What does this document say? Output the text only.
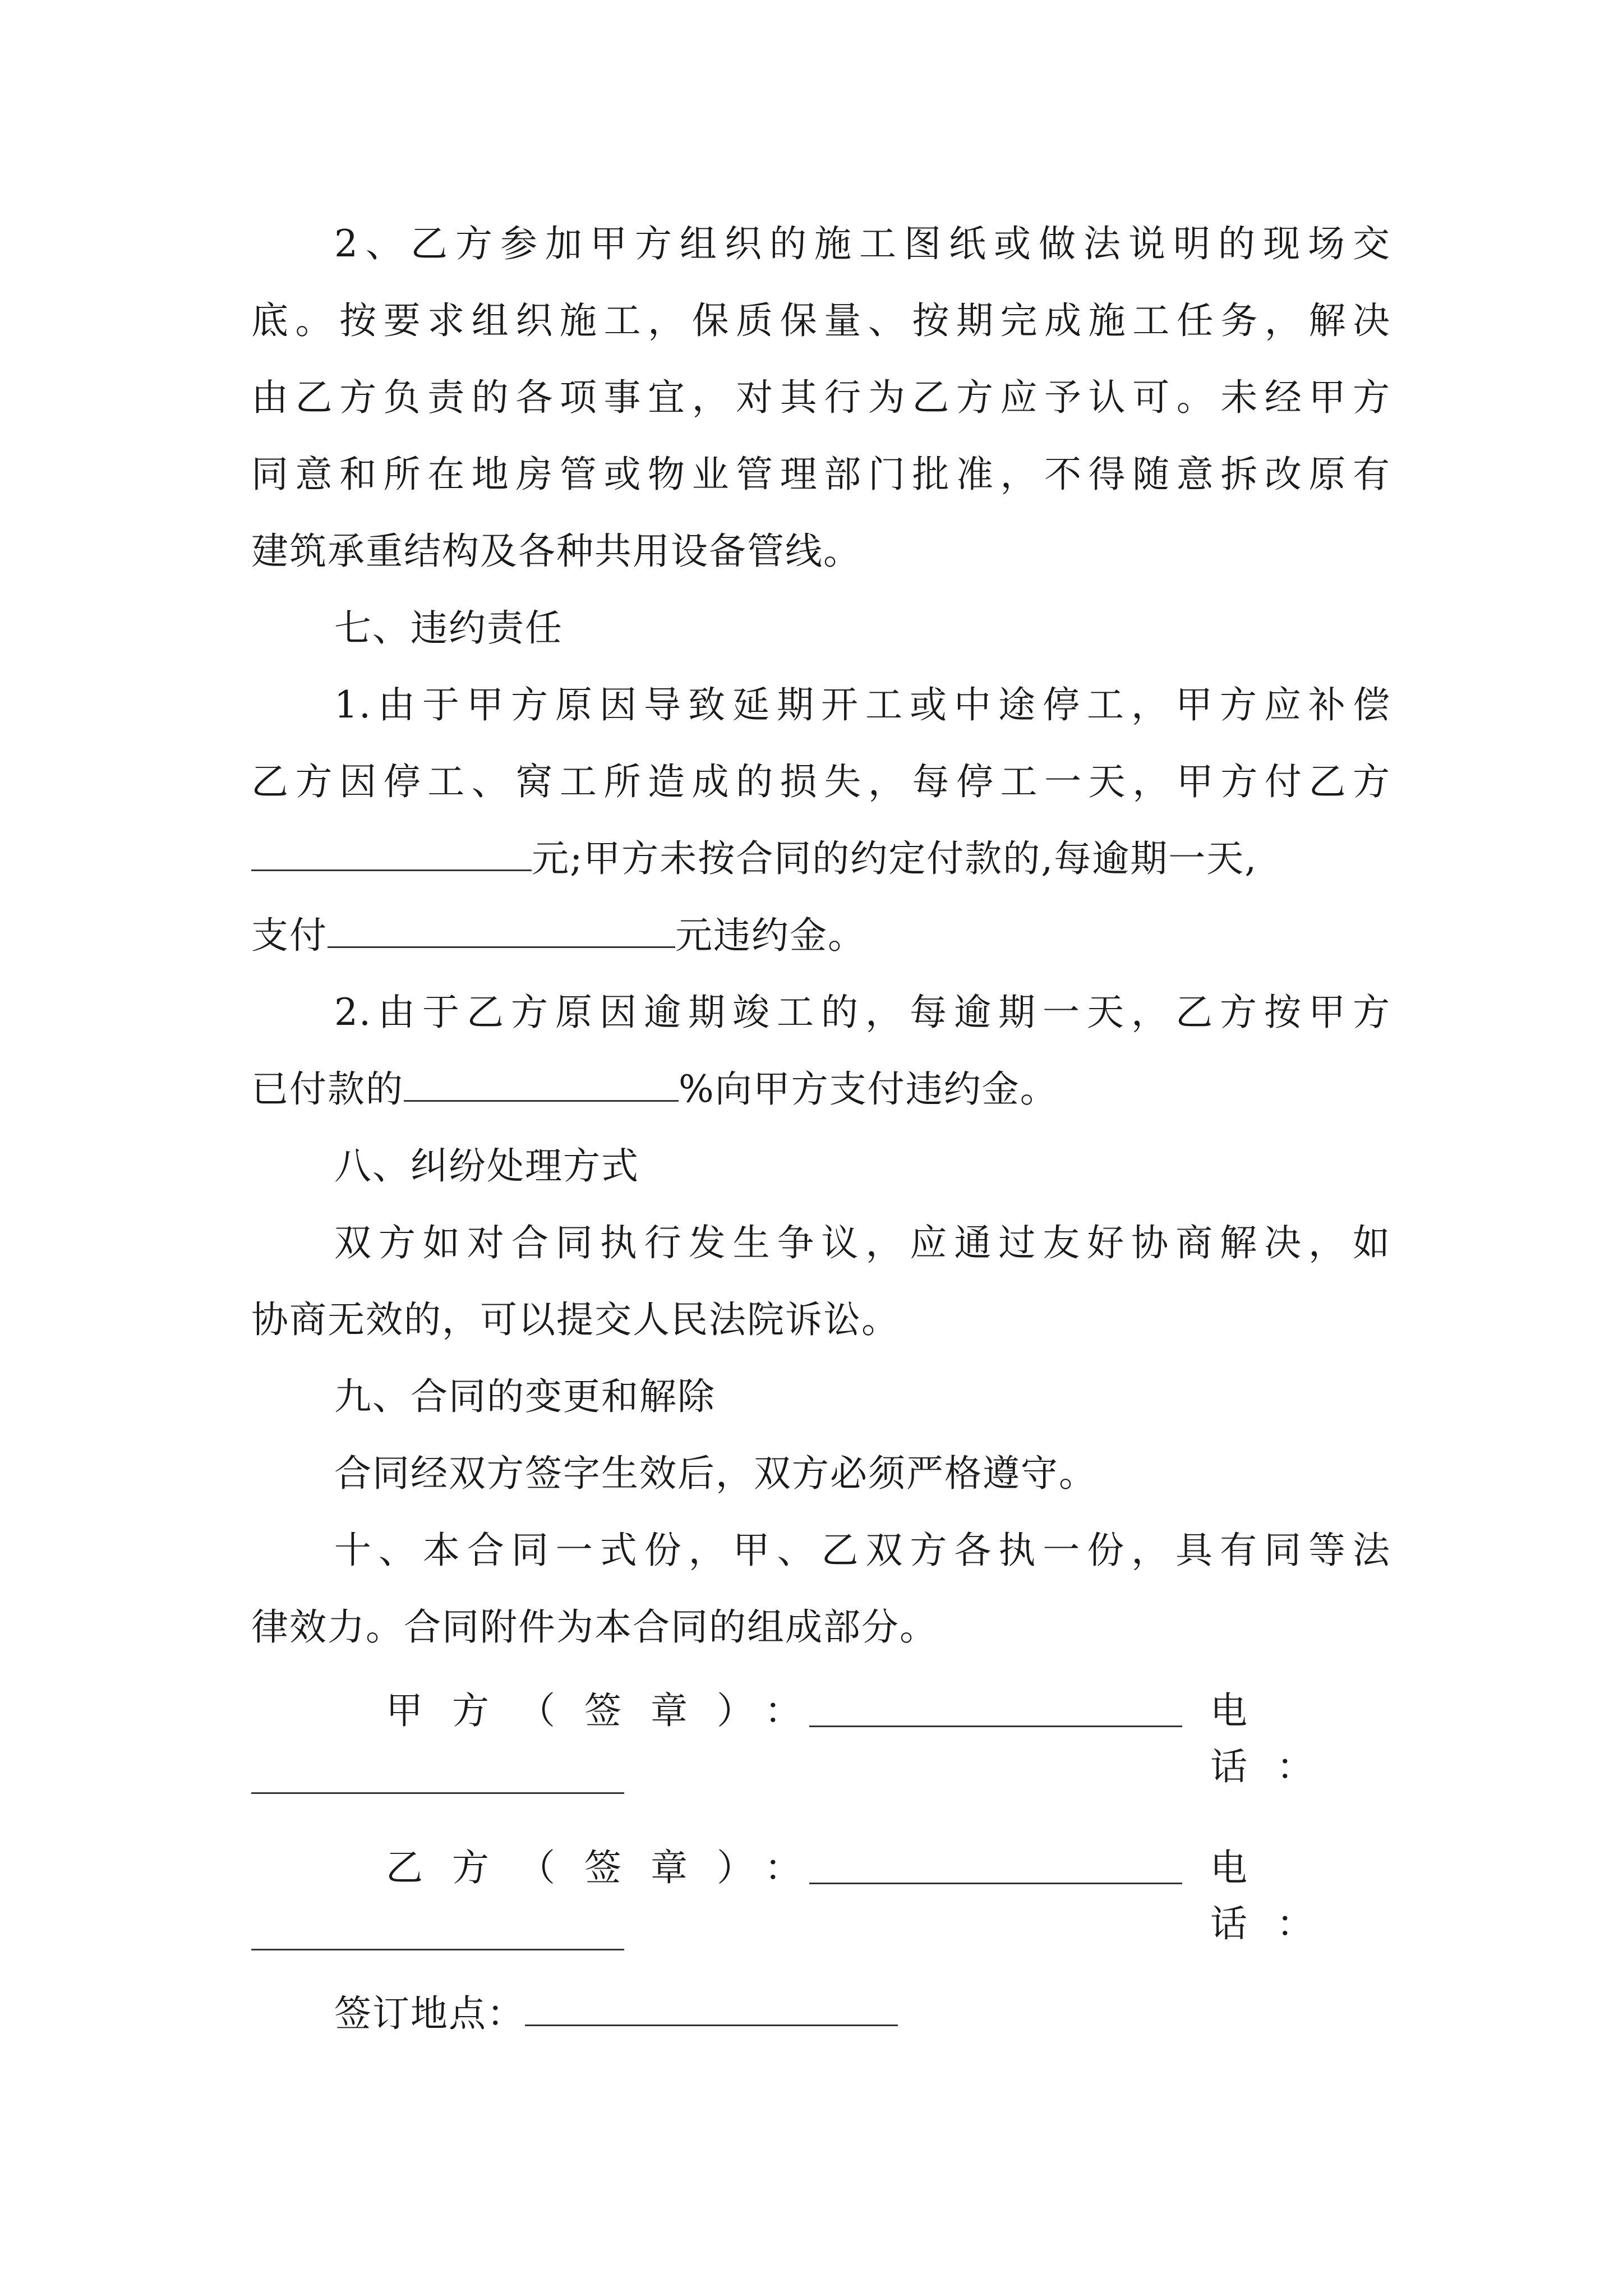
2、乙方参加甲方组织的施工图纸或做法说明的现场交

底。按要求组织施工，保质保量、按期完成施工任务，解决

由乙方负责的各项事宜，对其行为乙方应予认可。未经甲方

同意和所在地房管或物业管理部门批准，不得随意拆改原有

建筑承重结构及各种共用设备管线。

七、违约责任

1.由于甲方原因导致延期开工或中途停工，甲方应补偿

乙方因停工、窝工所造成的损失，每停工一天，甲方付乙方

元;甲方未按合同的约定付款的,每逾期一天,
支付	元违约金。

2.由于乙方原因逾期竣工的，每逾期一天，乙方按甲方

已付款的	%向甲方支付违约金。

八、纠纷处理方式

双方如对合同执行发生争议，应通过友好协商解决，如

协商无效的，可以提交人民法院诉讼。

九、合同的变更和解除

合同经双方签字生效后，双方必须严格遵守。

十、本合同一式份，甲、乙双方各执一份，具有同等法

律效力。合同附件为本合同的组成部分。

甲方（签章）：	电话：
乙方（签章）：	电话：
签订地点：
